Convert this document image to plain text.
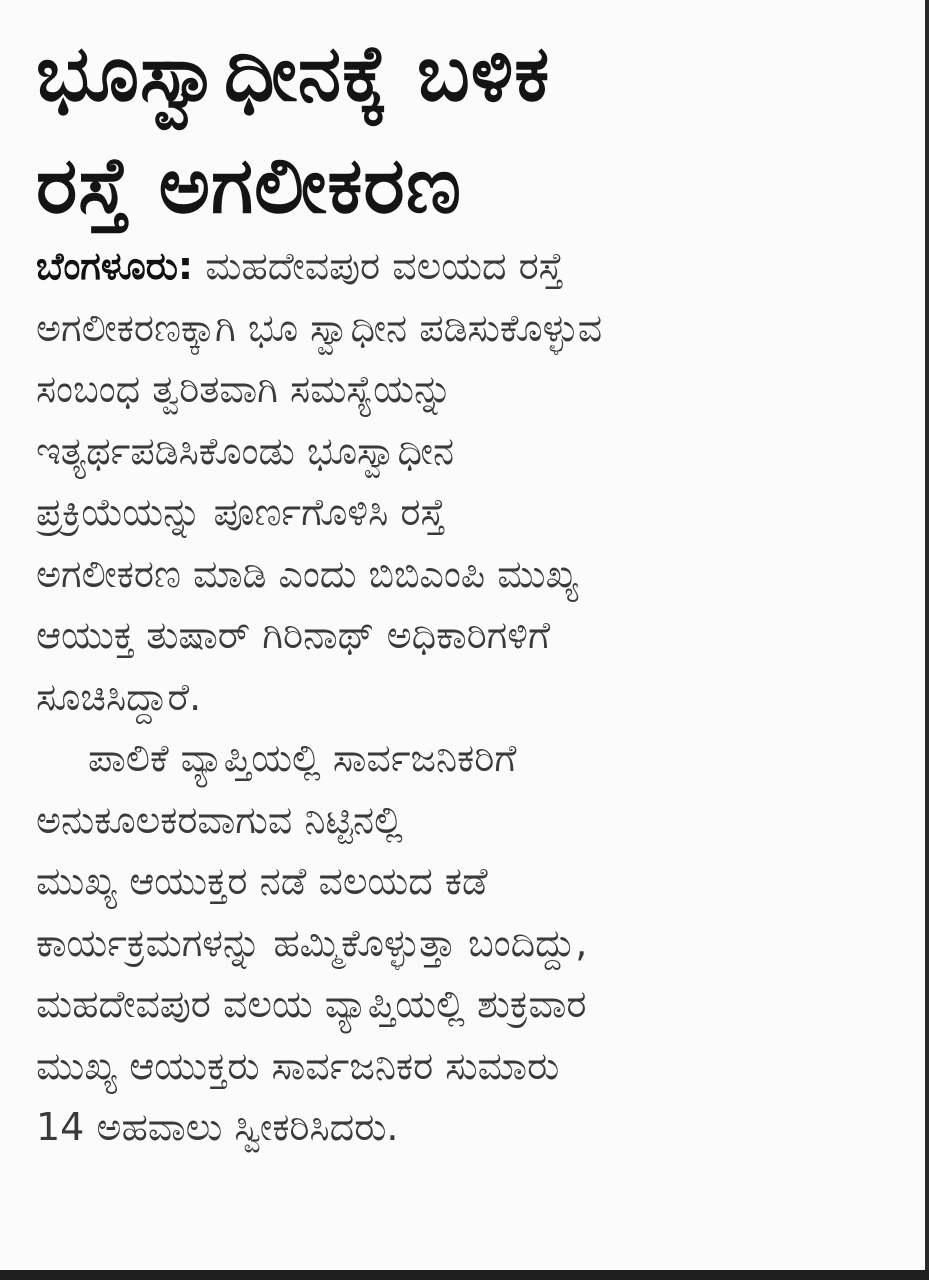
ಭೂಸ್ವಾಧೀನಕ್ಕೆ ಬಳಿಕ
ರಸ್ತೆ ಅಗಲೀಕರಣ
ಬೆಂಗಳೂರು: ಮಹದೇವಪುರ ವಲಯದ ರಸ್ತೆ
ಅಗಲೀಕರಣಕ್ಕಾಗಿ ಭೂ ಸ್ವಾಧೀನ ಪಡಿಸುಕೊಳ್ಳುವ
ಸಂಬಂಧ ತ್ವರಿತವಾಗಿ ಸಮಸ್ಯೆಯನ್ನು
ಇತ್ಯರ್ಥಪಡಿಸಿಕೊಂಡು ಭೂಸ್ವಾಧೀನ
ಪ್ರಕ್ರಿಯೆಯನ್ನು ಪೂರ್ಣಗೊಳಿಸಿ ರಸ್ತೆ
ಅಗಲೀಕರಣ ಮಾಡಿ ಎಂದು ಬಿಬಿಎಂಪಿ ಮುಖ್ಯ
ಆಯುಕ್ತ ತುಷಾರ್ ಗಿರಿನಾಥ್ ಅಧಿಕಾರಿಗಳಿಗೆ
ಸೂಚಿಸಿದ್ದಾರೆ.
ಪಾಲಿಕೆ ವ್ಯಾಪ್ತಿಯಲ್ಲಿ ಸಾರ್ವಜನಿಕರಿಗೆ
ಅನುಕೂಲಕರವಾಗುವ ನಿಟ್ಟಿನಲ್ಲಿ
ಮುಖ್ಯ ಆಯುಕ್ತರ ನಡೆ ವಲಯದ ಕಡೆ
ಕಾರ್ಯಕ್ರಮಗಳನ್ನು ಹಮ್ಮಿಕೊಳ್ಳುತ್ತಾ ಬಂದಿದ್ದು,
ಮಹದೇವಪುರ ವಲಯ ವ್ಯಾಪ್ತಿಯಲ್ಲಿ ಶುಕ್ರವಾರ
ಮುಖ್ಯ ಆಯುಕ್ತರು ಸಾರ್ವಜನಿಕರ ಸುಮಾರು
14 ಅಹವಾಲು ಸ್ವೀಕರಿಸಿದರು.
